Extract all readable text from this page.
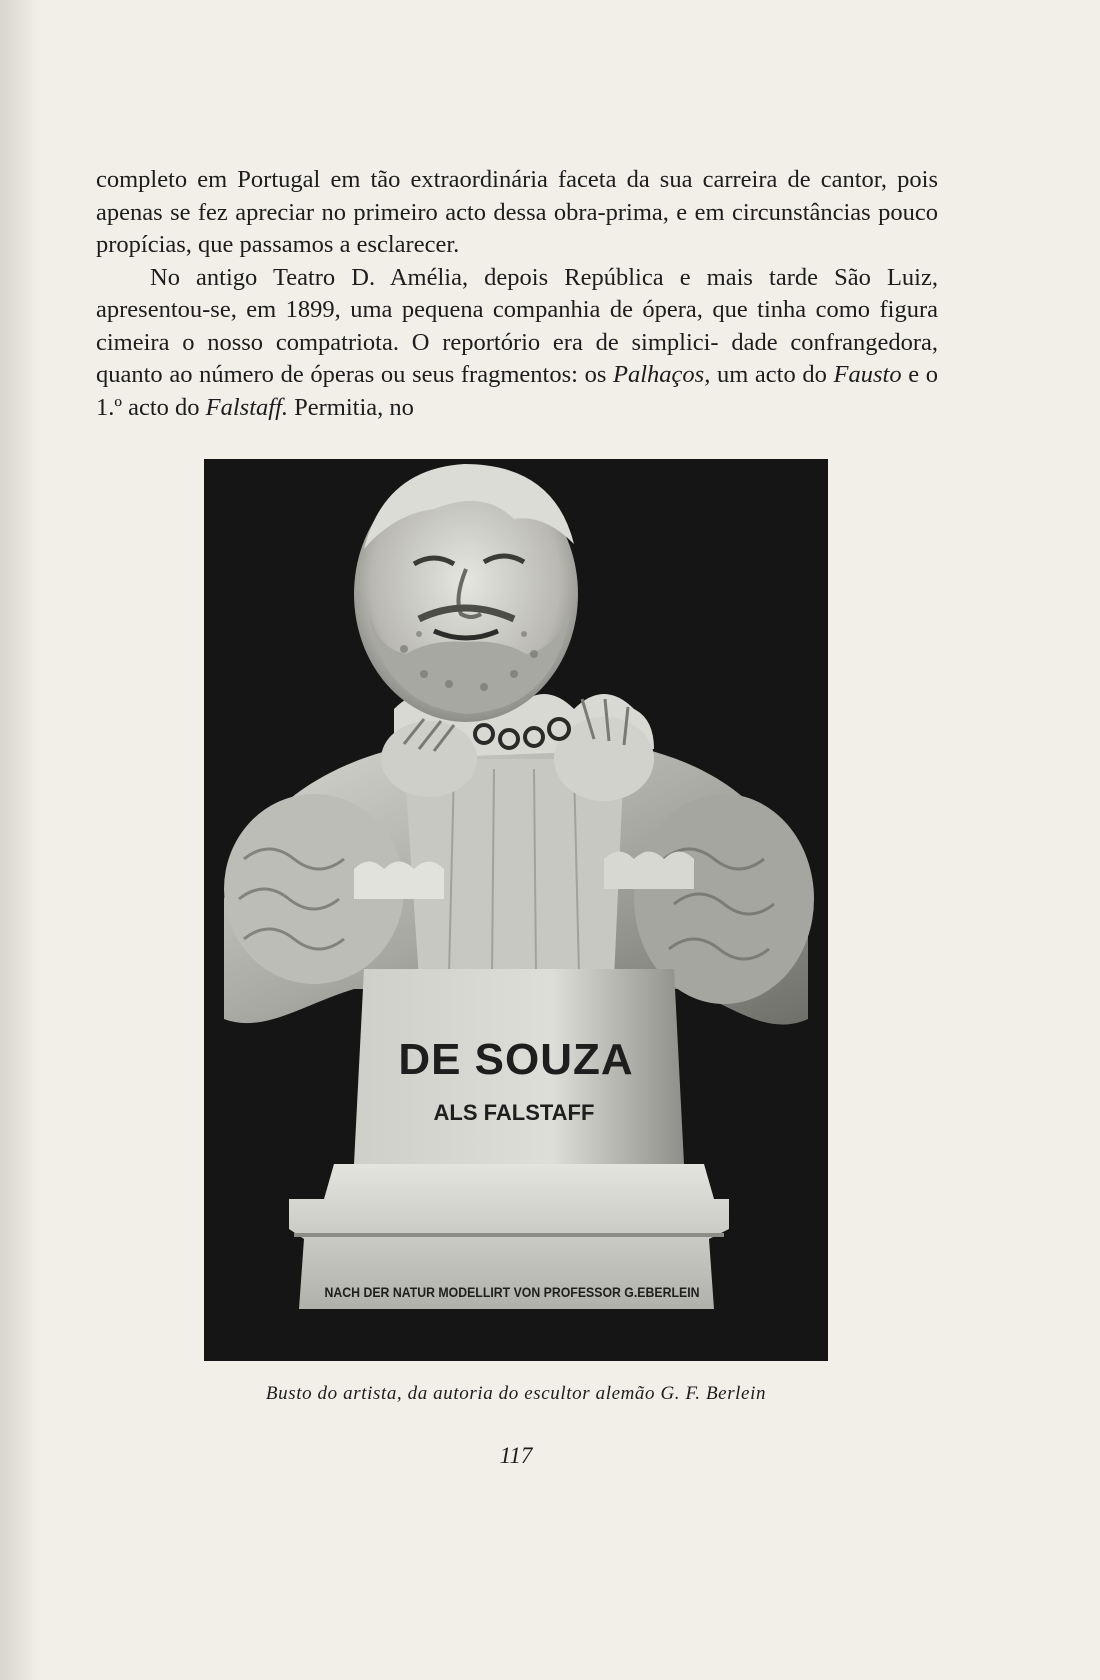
completo em Portugal em tão extraordinária faceta da sua carreira de cantor, pois apenas se fez apreciar no primeiro acto dessa obra-prima, e em circunstâncias pouco propícias, que passamos a esclarecer.

No antigo Teatro D. Amélia, depois República e mais tarde São Luiz, apresentou-se, em 1899, uma pequena companhia de ópera, que tinha como figura cimeira o nosso compatriota. O reportório era de simplici- dade confrangedora, quanto ao número de óperas ou seus fragmentos: os Palhaços, um acto do Fausto e o 1.º acto do Falstaff. Permitia, no

DE SOUZA
ALS FALSTAFF
NACH DER NATUR MODELLIRT VON PROFESSOR G.EBERLEIN
Busto do artista, da autoria do escultor alemão G. F. Berlein
117
